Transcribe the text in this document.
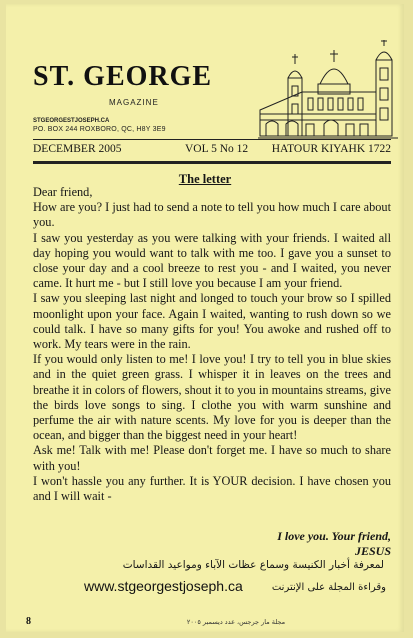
ST. GEORGE
MAGAZINE
STGEORGESTJOSEPH.CA
PO. BOX 244 ROXBORO, QC, H8Y 3E9
DECEMBER 2005	VOL 5 No 12 HATOUR KIYAHK 1722
The letter

Dear friend,

How are you? I just had to send a note to tell you how much I care about you.

I saw you yesterday as you were talking with your friends. I waited all day hoping you would want to talk with me too. I gave you a sunset to close your day and a cool breeze to rest you - and I waited, you never came. It hurt me - but I still love you because I am your friend.

I saw you sleeping last night and longed to touch your brow so I spilled moonlight upon your face. Again I waited, wanting to rush down so we could talk. I have so many gifts for you! You awoke and rushed off to work. My tears were in the rain.

If you would only listen to me! I love you! I try to tell you in blue skies and in the quiet green grass. I whisper it in leaves on the trees and breathe it in colors of flowers, shout it to you in mountains streams, give the birds love songs to sing. I clothe you with warm sunshine and perfume the air with nature scents. My love for you is deeper than the ocean, and bigger than the biggest need in your heart!

Ask me! Talk with me! Please don't forget me. I have so much to share with you!

I won't hassle you any further. It is YOUR decision. I have chosen you and I will wait -

I love you. Your friend,
JESUS
لمعرفة أخبار الكنيسة وسماع عظات الآباء ومواعيد القداسات
www.stgeorgestjoseph.ca	وقراءة المجلة على الإنترنت
8	مجلة مار جرجس، عدد ديسمبر ٢٠٠٥
